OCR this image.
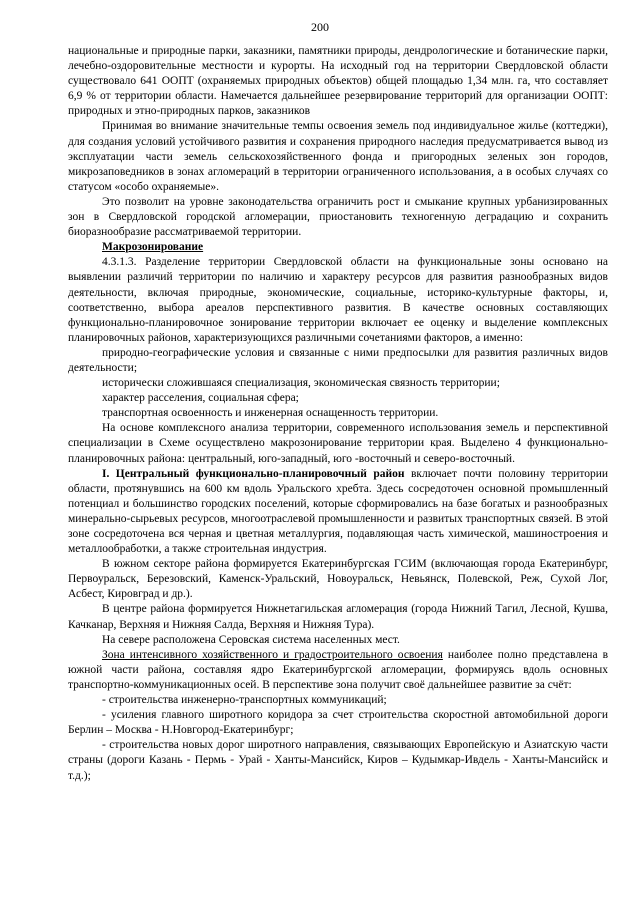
200

национальные и природные парки, заказники, памятники природы, дендрологические и ботанические парки, лечебно-оздоровительные местности и курорты. На исходный год на территории Свердловской области существовало 641 ООПТ (охраняемых природных объектов) общей площадью 1,34 млн. га, что составляет 6,9 % от территории области. Намечается дальнейшее резервирование территорий для организации ООПТ: природных и этно-природных парков, заказников

Принимая во внимание значительные темпы освоения земель под индивидуальное жилье (коттеджи), для создания условий устойчивого развития и сохранения природного наследия предусматривается вывод из эксплуатации части земель сельскохозяйственного фонда и пригородных зеленых зон городов, микрозаповедников в зонах агломераций в территории ограниченного использования, а в особых случаях со статусом «особо охраняемые».

Это позволит на уровне законодательства ограничить рост и смыкание крупных урбанизированных зон в Свердловской городской агломерации, приостановить техногенную деградацию и сохранить биоразнообразие рассматриваемой территории.

Макрозонирование

4.3.1.3. Разделение территории Свердловской области на функциональные зоны основано на выявлении различий территории по наличию и характеру ресурсов для развития разнообразных видов деятельности, включая природные, экономические, социальные, историко-культурные факторы, и, соответственно, выбора ареалов перспективного развития. В качестве основных составляющих функционально-планировочное зонирование территории включает ее оценку и выделение комплексных планировочных районов, характеризующихся различными сочетаниями факторов, а именно:

природно-географические условия и связанные с ними предпосылки для развития различных видов деятельности;

исторически сложившаяся специализация, экономическая связность территории;

характер расселения, социальная сфера;

транспортная освоенность и инженерная оснащенность территории.

На основе комплексного анализа территории, современного использования земель и перспективной специализации в Схеме осуществлено макрозонирование территории края. Выделено 4 функционально-планировочных района: центральный, юго-западный, юго -восточный и северо-восточный.

I. Центральный функционально-планировочный район включает почти половину территории области, протянувшись на 600 км вдоль Уральского хребта. Здесь сосредоточен основной промышленный потенциал и большинство городских поселений, которые сформировались на базе богатых и разнообразных минерально-сырьевых ресурсов, многоотраслевой промышленности и развитых транспортных связей. В этой зоне сосредоточена вся черная и цветная металлургия, подавляющая часть химической, машиностроения и металлообработки, а также строительная индустрия.

В южном секторе района формируется Екатеринбургская ГСИМ (включающая города Екатеринбург, Первоуральск, Березовский, Каменск-Уральский, Новоуральск, Невьянск, Полевской, Реж, Сухой Лог, Асбест, Кировград и др.).

В центре района формируется Нижнетагильская агломерация (города Нижний Тагил, Лесной, Кушва, Качканар, Верхняя и Нижняя Салда, Верхняя и Нижняя Тура).

На севере расположена Серовская система населенных мест.

Зона интенсивного хозяйственного и градостроительного освоения наиболее полно представлена в южной части района, составляя ядро Екатеринбургской агломерации, формируясь вдоль основных транспортно-коммуникационных осей. В перспективе зона получит своё дальнейшее развитие за счёт:

- строительства инженерно-транспортных коммуникаций;

- усиления главного широтного коридора за счет строительства скоростной автомобильной дороги Берлин – Москва - Н.Новгород-Екатеринбург;

- строительства новых дорог широтного направления, связывающих Европейскую и Азиатскую части страны (дороги Казань - Пермь - Урай - Ханты-Мансийск, Киров – Кудымкар-Ивдель - Ханты-Мансийск и т.д.);
